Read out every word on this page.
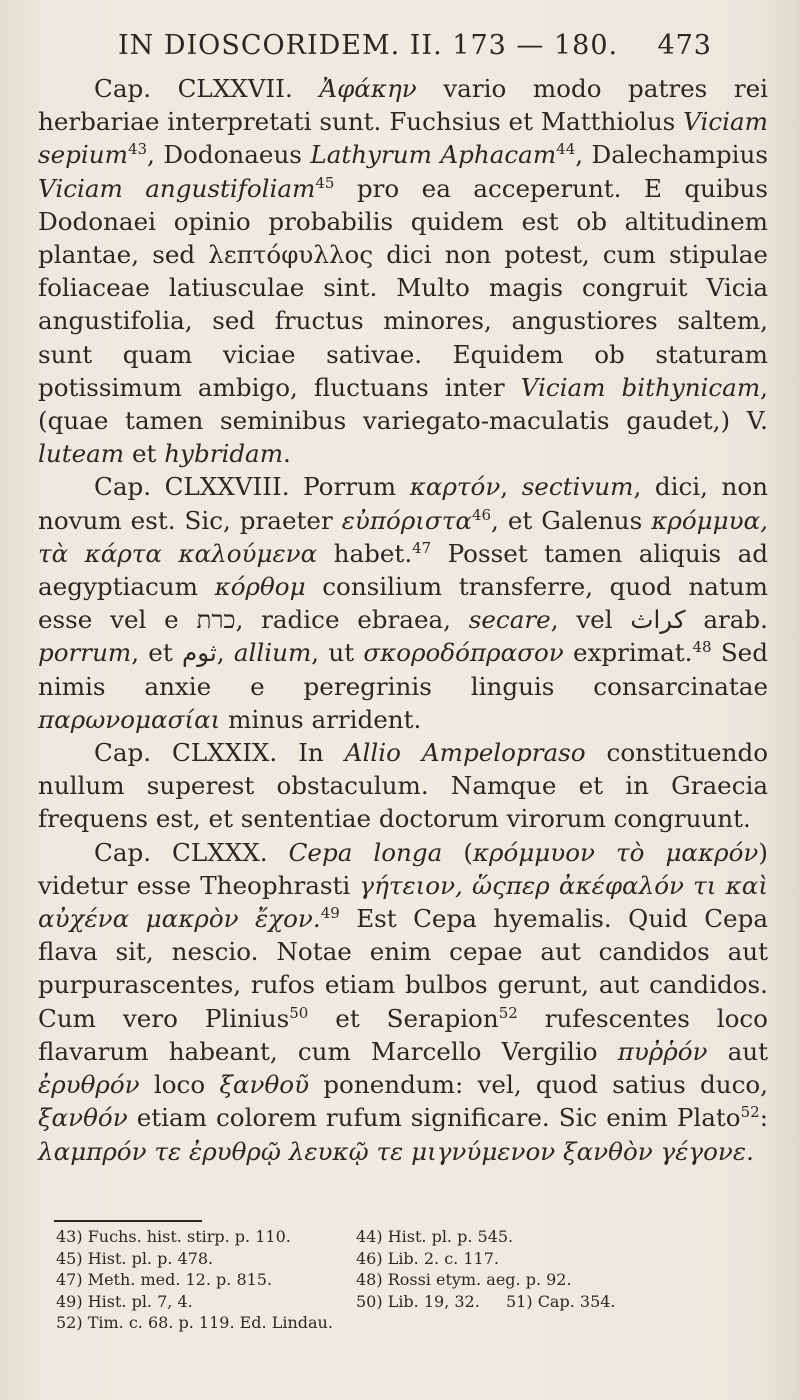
IN DIOSCORIDEM. II. 173 — 180. 473

Cap. CLXXVII. Ἀφάκην vario modo patres rei herbariae interpretati sunt. Fuchsius et Matthiolus Viciam sepium$^{43}$, Dodonaeus Lathyrum Aphacam$^{44}$, Dalechampius Viciam angustifoliam$^{45}$ pro ea acceperunt. E quibus Dodonaei opinio probabilis quidem est ob altitudinem plantae, sed λεπτόφυλλος dici non potest, cum stipulae foliaceae latiusculae sint. Multo magis congruit Vicia angustifolia, sed fructus minores, angustiores saltem, sunt quam viciae sativae. Equidem ob staturam potissimum ambigo, fluctuans inter Viciam bithynicam, (quae tamen seminibus variegato-maculatis gaudet,) V. luteam et hybridam.

Cap. CLXXVIII. Porrum καρτόν, sectivum, dici, non novum est. Sic, praeter εὐπόριστα$^{46}$, et Galenus κρόμμυα, τὰ κάρτα καλούμενα habet.$^{47}$ Posset tamen aliquis ad aegyptiacum κόρθομ consilium transferre, quod natum esse vel e כרת, radice ebraea, secare, vel كراث arab. porrum, et ثوم, allium, ut σκοροδόπρασον exprimat.$^{48}$ Sed nimis anxie e peregrinis linguis consarcinatae παρωνομασίαι minus arrident.

Cap. CLXXIX. In Allio Ampelopraso constituendo nullum superest obstaculum. Namque et in Graecia frequens est, et sententiae doctorum virorum congruunt.

Cap. CLXXX. Cepa longa (κρόμμυον τὸ μακρόν) videtur esse Theophrasti γήτειον, ὥςπερ ἀκέφαλόν τι καὶ αὐχένα μακρὸν ἔχον.$^{49}$ Est Cepa hyemalis. Quid Cepa flava sit, nescio. Notae enim cepae aut candidos aut purpurascentes, rufos etiam bulbos gerunt, aut candidos. Cum vero Plinius$^{50}$ et Serapion$^{52}$ rufescentes loco flavarum habeant, cum Marcello Vergilio πυῤῥόν aut ἐρυθρόν loco ξανθοῦ ponendum: vel, quod satius duco, ξανθόν etiam colorem rufum significare. Sic enim Plato$^{52}$: λαμπρόν τε ἐρυθρῷ λευκῷ τε μιγνύμενον ξανθὸν γέγονε.

43) Fuchs. hist. stirp. p. 110.	44) Hist. pl. p. 545.
45) Hist. pl. p. 478.	46) Lib. 2. c. 117.
47) Meth. med. 12. p. 815.	48) Rossi etym. aeg. p. 92.
49) Hist. pl. 7, 4.	50) Lib. 19, 32.	51) Cap. 354.
52) Tim. c. 68. p. 119. Ed. Lindau.
